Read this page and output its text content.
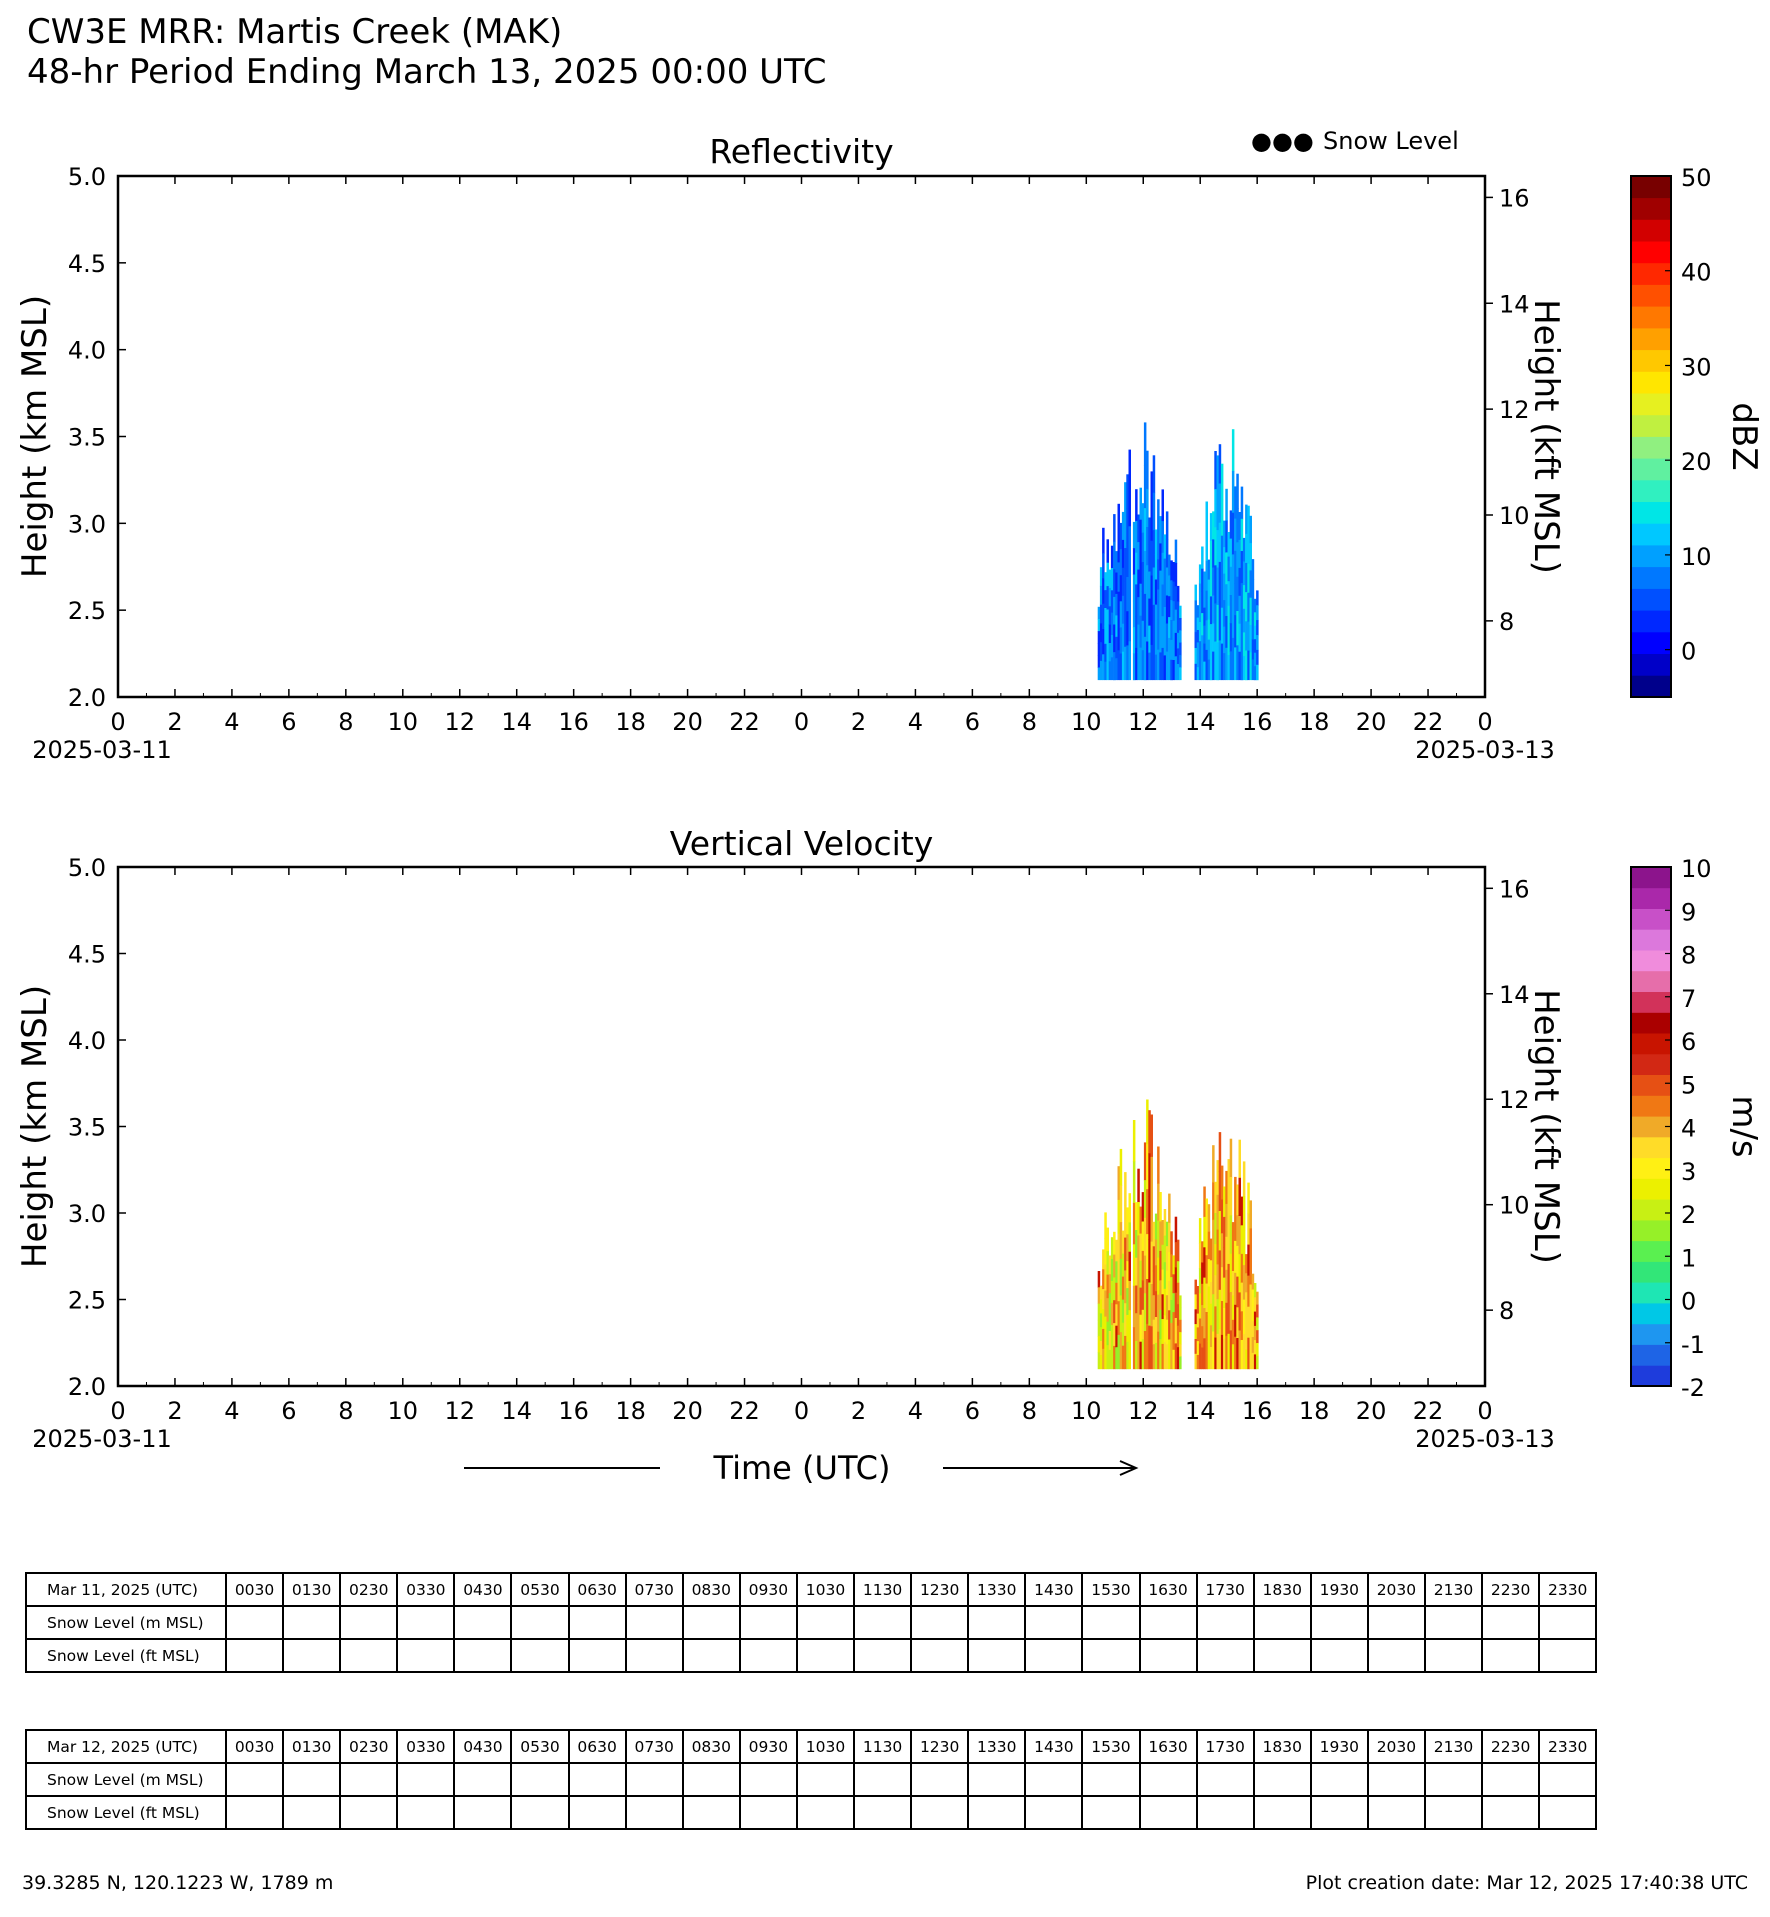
CW3E MRR: Martis Creek (MAK)
48-hr Period Ending March 13, 2025 00:00 UTC
Reflectivity
0 2 4 6 8 10 12 14 16 18 20 22 0 2 4 6 8 10 12 14 16 18 20 22 0
2025-03-11	2025-03-13
2.0
2.5
3.0
3.5
4.0
4.5
5.0
8
10
12
14
16
Height (km MSL)	Height (kft MSL)
0
10
20
30
40
50
dBZ
●●● Snow Level
Vertical Velocity
0 2 4 6 8 10 12 14 16 18 20 22 0 2 4 6 8 10 12 14 16 18 20 22 0
2025-03-11	2025-03-13
2.0
2.5
3.0
3.5
4.0
4.5
5.0
8
10
12
14
16
Height (km MSL)	Height (kft MSL)
-2
-1
0
1
2
3
4
5
6
7
8
9
10
m/s
Time (UTC)
Mar 11, 2025 (UTC)	0030	0130	0230	0330	0430	0530	0630	0730	0830	0930	1030	1130	1230	1330	1430	1530	1630	1730	1830	1930	2030	2130	2230	2330
Snow Level (m MSL)																								
Snow Level (ft MSL)																								
Mar 12, 2025 (UTC)	0030	0130	0230	0330	0430	0530	0630	0730	0830	0930	1030	1130	1230	1330	1430	1530	1630	1730	1830	1930	2030	2130	2230	2330
Snow Level (m MSL)																								
Snow Level (ft MSL)																								
39.3285 N, 120.1223 W, 1789 m	Plot creation date: Mar 12, 2025 17:40:38 UTC
